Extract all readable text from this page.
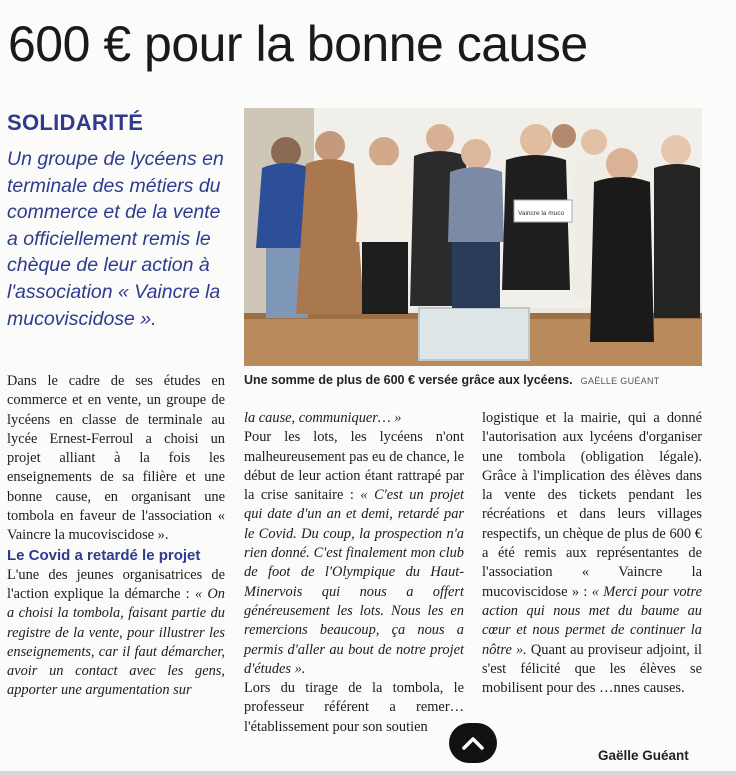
600 € pour la bonne cause
SOLIDARITÉ
Un groupe de lycéens en terminale des métiers du commerce et de la vente a officiellement remis le chèque de leur action à l'association « Vaincre la mucoviscidose ».
Vaincre la muco
Une somme de plus de 600 € versée grâce aux lycéens. GAËLLE GUÉANT

Dans le cadre de ses études en commerce et en vente, un groupe de lycéens en classe de terminale au lycée Ernest-Ferroul a choisi un projet alliant à la fois les enseignements de sa filière et une bonne cause, en organisant une tombola en faveur de l'association « Vaincre la mucoviscidose ».

Le Covid a retardé le projet

L'une des jeunes organisatrices de l'action explique la démarche : « On a choisi la tombola, faisant partie du registre de la vente, pour illustrer les enseignements, car il faut démarcher, avoir un contact avec les gens, apporter une argumentation sur

la cause, communiquer… »

Pour les lots, les lycéens n'ont malheureusement pas eu de chance, le début de leur action étant rattrapé par la crise sanitaire : « C'est un projet qui date d'un an et demi, retardé par le Covid. Du coup, la prospection n'a rien donné. C'est finalement mon club de foot de l'Olympique du Haut-Minervois qui nous a offert généreusement les lots. Nous les en remercions beaucoup, ça nous a permis d'aller au bout de notre projet d'études ».

Lors du tirage de la tombola, le professeur référent a remer… l'établissement pour son soutien

logistique et la mairie, qui a donné l'autorisation aux lycéens d'organiser une tombola (obligation légale). Grâce à l'implication des élèves dans la vente des tickets pendant les récréations et dans leurs villages respectifs, un chèque de plus de 600 € a été remis aux représentantes de l'association « Vaincre la mucoviscidose » : « Merci pour votre action qui nous met du baume au cœur et nous permet de continuer la nôtre ». Quant au proviseur adjoint, il s'est félicité que les élèves se mobilisent pour des …nnes causes.

Gaëlle Guéant
